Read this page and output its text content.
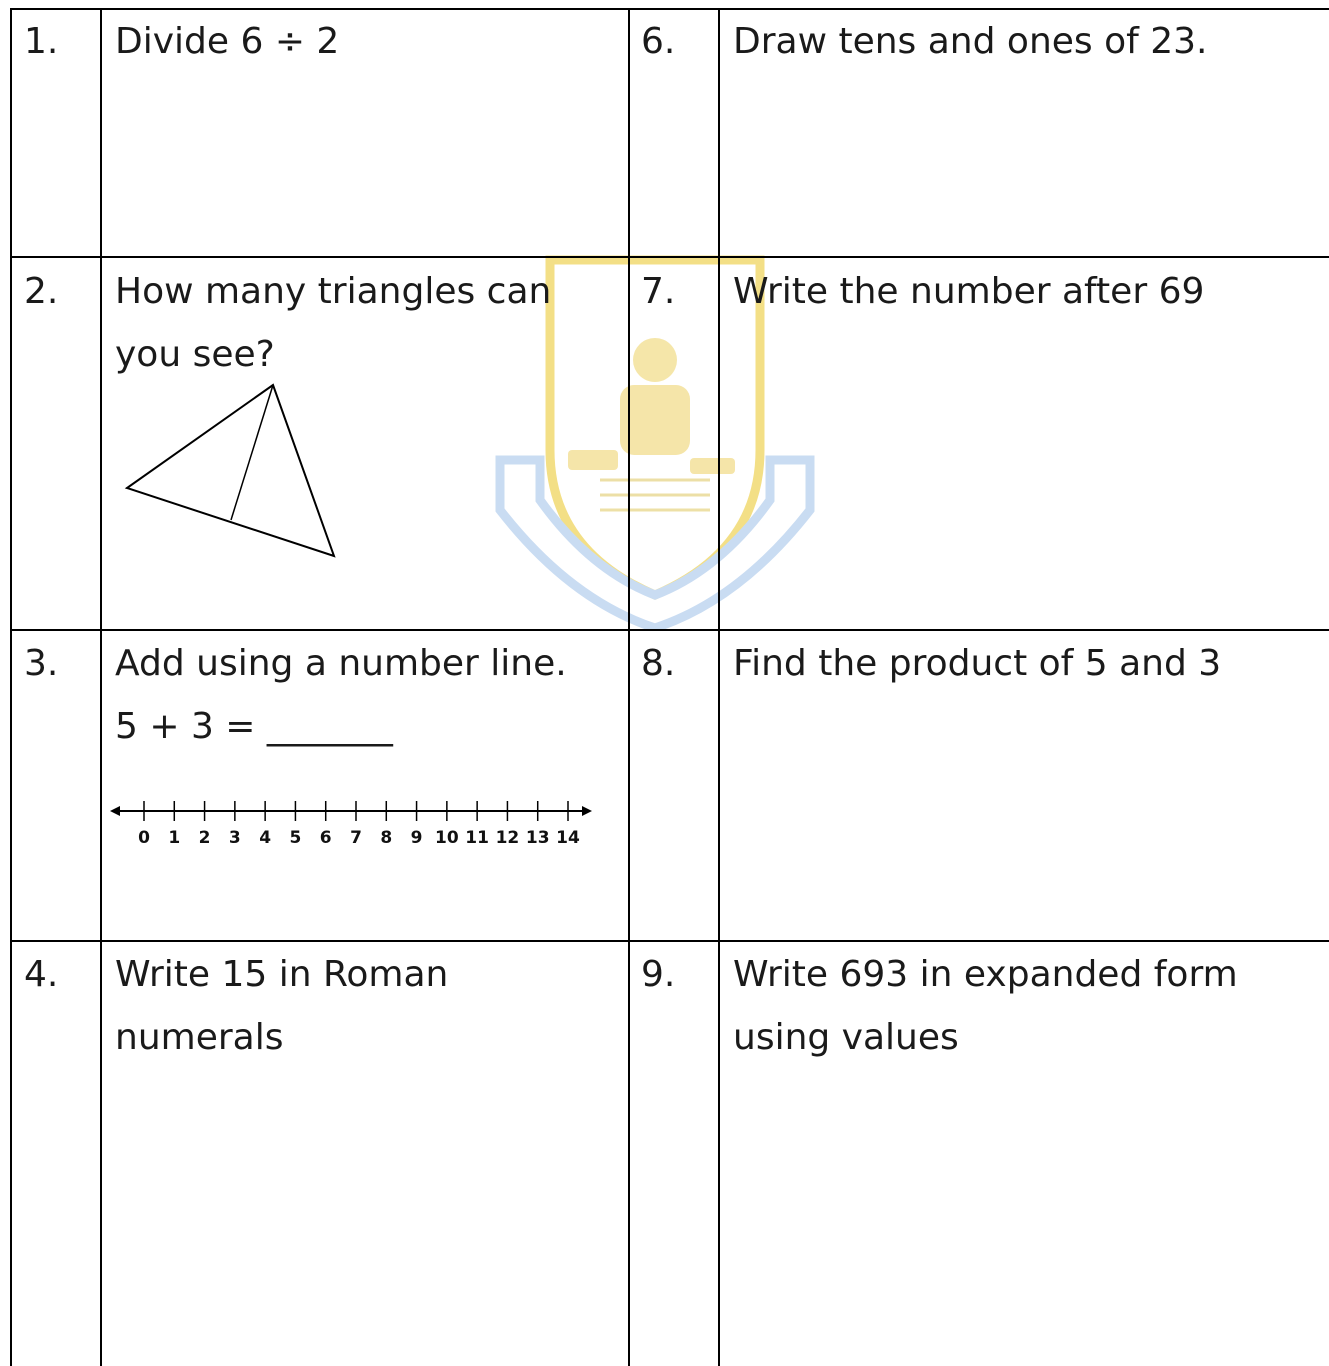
1. Divide 6 ÷ 2	6. Draw tens and ones of 23.
2. How many triangles can you see?
7. Write the number after 69
3. Add using a number line.
5 + 3 = _______
0 1 2 3 4 5 6 7 8 9 10 11 12 13 14
8. Find the product of 5 and 3
4. Write 15 in Roman numerals
9. Write 693 in expanded form using values
